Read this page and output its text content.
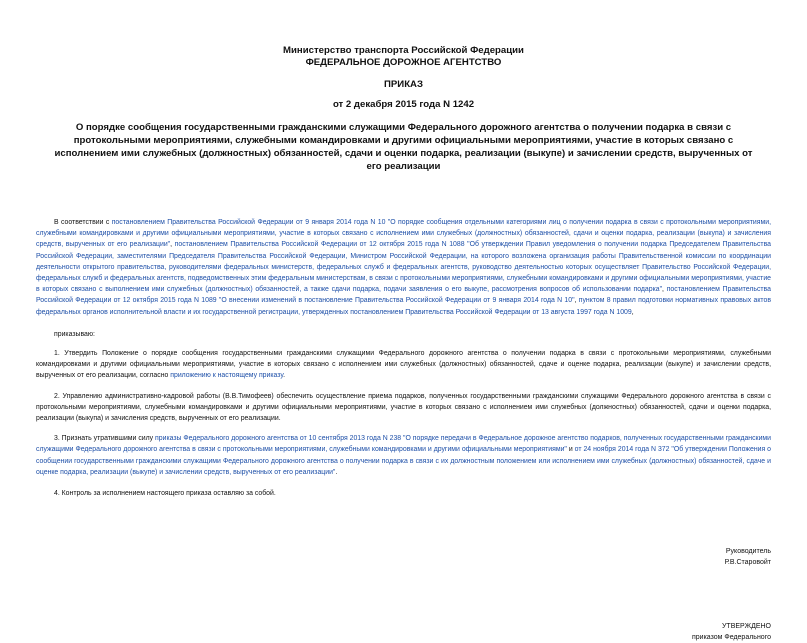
Министерство транспорта Российской Федерации
ФЕДЕРАЛЬНОЕ ДОРОЖНОЕ АГЕНТСТВО
ПРИКАЗ
от 2 декабря 2015 года N 1242
О порядке сообщения государственными гражданскими служащими Федерального дорожного агентства о получении подарка в связи с протокольными мероприятиями, служебными командировками и другими официальными мероприятиями, участие в которых связано с исполнением ими служебных (должностных) обязанностей, сдачи и оценки подарка, реализации (выкупе) и зачислении средств, вырученных от его реализации

В соответствии с постановлением Правительства Российской Федерации от 9 января 2014 года N 10 "О порядке сообщения отдельными категориями лиц о получении подарка в связи с протокольными мероприятиями, служебными командировками и другими официальными мероприятиями, участие в которых связано с исполнением ими служебных (должностных) обязанностей, сдачи и оценки подарка, реализации (выкупа) и зачисления средств, вырученных от его реализации", постановлением Правительства Российской Федерации от 12 октября 2015 года N 1088 "Об утверждении Правил уведомления о получении подарка Председателем Правительства Российской Федерации, заместителями Председателя Правительства Российской Федерации, Министром Российской Федерации, на которого возложена организация работы Правительственной комиссии по координации деятельности открытого правительства, руководителями федеральных министерств, федеральных служб и федеральных агентств, руководство деятельностью которых осуществляет Правительство Российской Федерации, федеральных служб и федеральных агентств, подведомственных этим федеральным министерствам, в связи с протокольными мероприятиями, служебными командировками и другими официальными мероприятиями, участие в которых связано с выполнением ими служебных (должностных) обязанностей, а также сдачи подарка, подачи заявления о его выкупе, рассмотрения вопросов об использовании подарка", постановлением Правительства Российской Федерации от 12 октября 2015 года N 1089 "О внесении изменений в постановление Правительства Российской Федерации от 9 января 2014 года N 10", пунктом 8 правил подготовки нормативных правовых актов федеральных органов исполнительной власти и их государственной регистрации, утвержденных постановлением Правительства Российской Федерации от 13 августа 1997 года N 1009,

приказываю:

1. Утвердить Положение о порядке сообщения государственными гражданскими служащими Федерального дорожного агентства о получении подарка в связи с протокольными мероприятиями, служебными командировками и другими официальными мероприятиями, участие в которых связано с исполнением ими служебных (должностных) обязанностей, сдаче и оценке подарка, реализации (выкупе) и зачислении средств, вырученных от его реализации, согласно приложению к настоящему приказу.

2. Управлению административно-кадровой работы (В.В.Тимофеев) обеспечить осуществление приема подарков, полученных государственными гражданскими служащими Федерального дорожного агентства в связи с протокольными мероприятиями, служебными командировками и другими официальными мероприятиями, участие в которых связано с исполнением ими служебных (должностных) обязанностей, сдачи и оценки подарка, реализации (выкупа) и зачисления средств, вырученных от его реализации.

3. Признать утратившими силу приказы Федерального дорожного агентства от 10 сентября 2013 года N 238 "О порядке передачи в Федеральное дорожное агентство подарков, полученных государственными гражданскими служащими Федерального дорожного агентства в связи с протокольными мероприятиями, служебными командировками и другими официальными мероприятиями" и от 24 ноября 2014 года N 372 "Об утверждении Положения о сообщении государственными гражданскими служащими Федерального дорожного агентства о получении подарка в связи с их должностным положением или исполнением ими служебных (должностных) обязанностей, сдаче и оценке подарка, реализации (выкупе) и зачислении средств, вырученных от его реализации".

4. Контроль за исполнением настоящего приказа оставляю за собой.

Руководитель
Р.В.Старовойт
УТВЕРЖДЕНО
приказом Федерального
